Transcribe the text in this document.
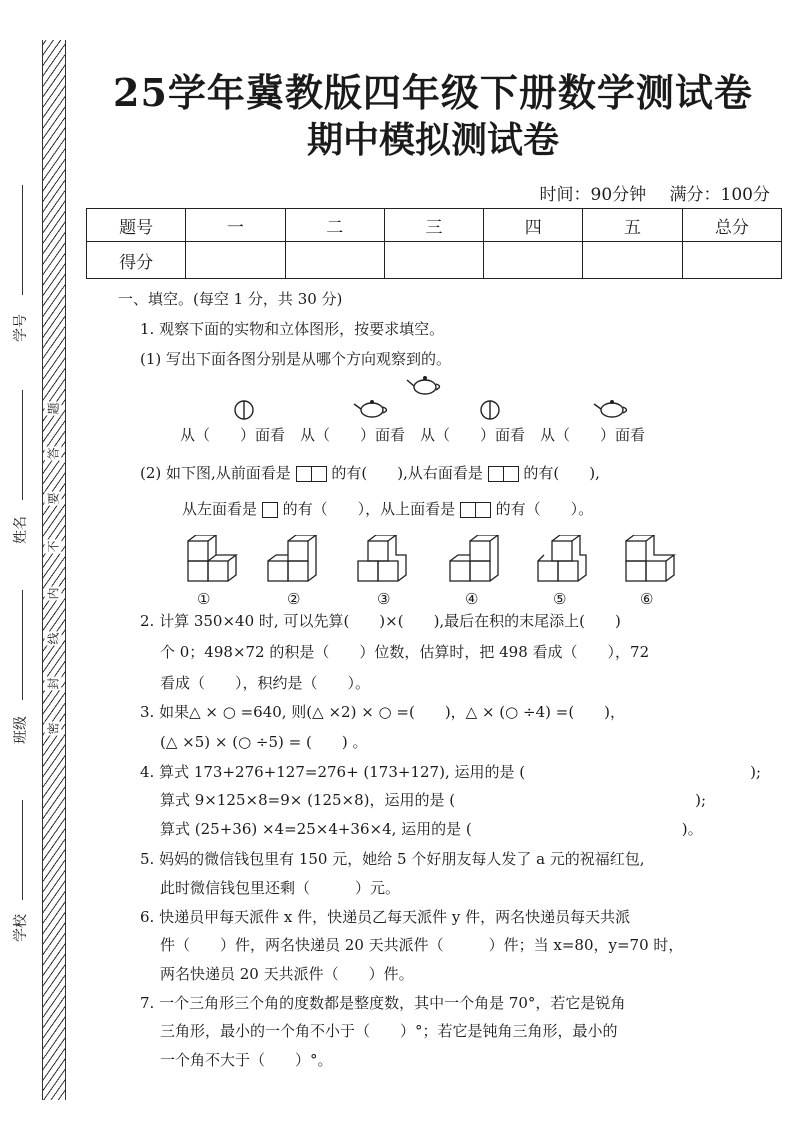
学号
姓名
班级
学校
题
答
要
不
内
线
封
密
25学年冀教版四年级下册数学测试卷
期中模拟测试卷
时间：90分钟 满分：100分
题号	一	二	三	四	五	总分
得分						
一、填空。(每空 1 分，共 30 分)
1. 观察下面的实物和立体图形，按要求填空。
(1) 写出下面各图分别是从哪个方向观察到的。
从（　　）面看　从（　　）面看　从（　　）面看　从（　　）面看
(2) 如下图,从前面看是	的有(　　),从右面看是	的有(　　),
从左面看是 的有（　　），从上面看是	的有（　　）。
①	②	③	④	⑤	⑥
2. 计算 350×40 时, 可以先算(　　)×(　　),最后在积的末尾添上(　　)
个 0；498×72 的积是（　　）位数，估算时，把 498 看成（　　），72
看成（　　），积约是（　　）。
3. 如果△ × ○ =640, 则(△ ×2) × ○ =(　　)，△ × (○ ÷4) =(　　)，
(△ ×5) × (○ ÷5) = (　　) 。
4. 算式 173+276+127=276+ (173+127), 运用的是 (　　　　　　　　　　　　　　　);
算式 9×125×8=9× (125×8)，运用的是 (　　　　　　　　　　　　　　　　);
算式 (25+36) ×4=25×4+36×4, 运用的是 (　　　　　　　　　　　　　　)。
5. 妈妈的微信钱包里有 150 元，她给 5 个好朋友每人发了 a 元的祝福红包,
此时微信钱包里还剩（　　　）元。
6. 快递员甲每天派件 x 件，快递员乙每天派件 y 件，两名快递员每天共派
件（　　）件，两名快递员 20 天共派件（　　　）件；当 x=80，y=70 时，
两名快递员 20 天共派件（　　）件。
7. 一个三角形三个角的度数都是整度数，其中一个角是 70°，若它是锐角
三角形，最小的一个角不小于（　　）°；若它是钝角三角形，最小的
一个角不大于（　　）°。
